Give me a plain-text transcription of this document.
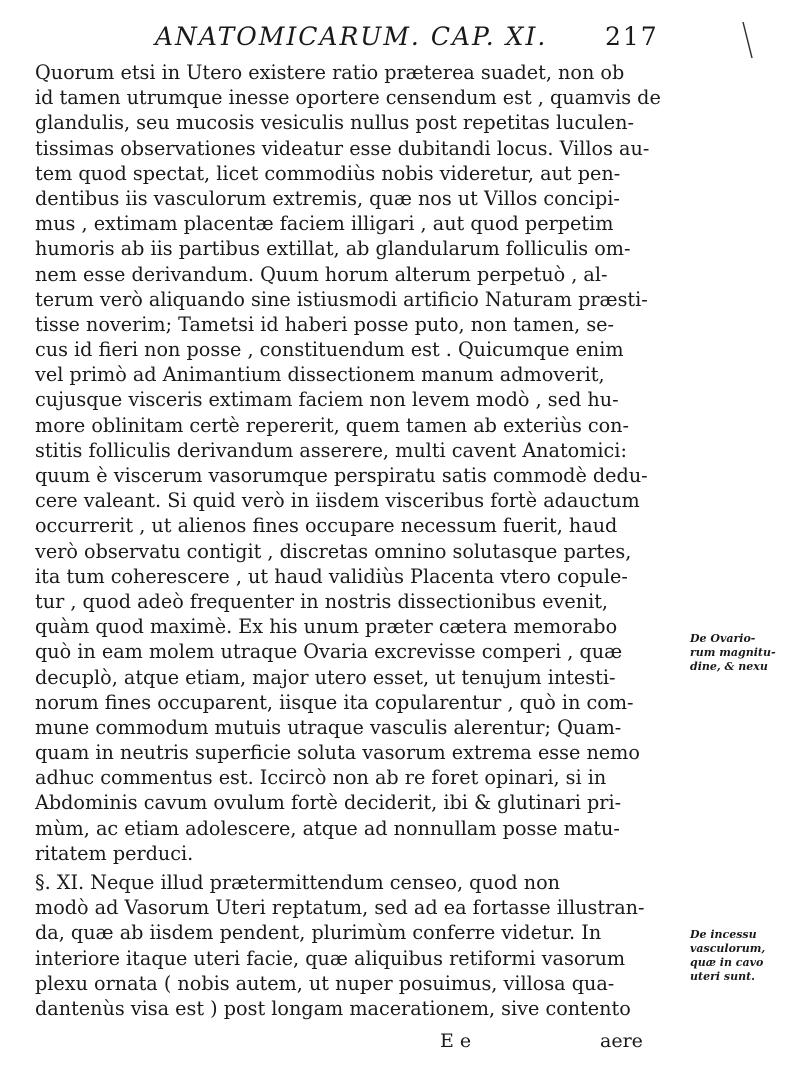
ANATOMICARUM. CAP. XI. 217
Quorum etsi in Utero existere ratio præterea suadet, non ob
id tamen utrumque inesse oportere censendum est , quamvis de
glandulis, seu mucosis vesiculis nullus post repetitas luculen-
tissimas observationes videatur esse dubitandi locus. Villos au-
tem quod spectat, licet commodiùs nobis videretur, aut pen-
dentibus iis vasculorum extremis, quæ nos ut Villos concipi-
mus , extimam placentæ faciem illigari , aut quod perpetim
humoris ab iis partibus extillat, ab glandularum folliculis om-
nem esse derivandum. Quum horum alterum perpetuò , al-
terum verò aliquando sine istiusmodi artificio Naturam præsti-
tisse noverim; Tametsi id haberi posse puto, non tamen, se-
cus id fieri non posse , constituendum est . Quicumque enim
vel primò ad Animantium dissectionem manum admoverit,
cujusque visceris extimam faciem non levem modò , sed hu-
more oblinitam certè repererit, quem tamen ab exteriùs con-
stitis folliculis derivandum asserere, multi cavent Anatomici:
quum è viscerum vasorumque perspiratu satis commodè dedu-
cere valeant. Si quid verò in iisdem visceribus fortè adauctum
occurrerit , ut alienos fines occupare necessum fuerit, haud
verò observatu contigit , discretas omnino solutasque partes,
ita tum coherescere , ut haud validiùs Placenta vtero copule-
tur , quod adeò frequenter in nostris dissectionibus evenit,
quàm quod maximè. Ex his unum præter cætera memorabo
quò in eam molem utraque Ovaria excrevisse comperi , quæ
decuplò, atque etiam, major utero esset, ut tenujum intesti-
norum fines occuparent, iisque ita copularentur , quò in com-
mune commodum mutuis utraque vasculis alerentur; Quam-
quam in neutris superficie soluta vasorum extrema esse nemo
adhuc commentus est. Iccircò non ab re foret opinari, si in
Abdominis cavum ovulum fortè deciderit, ibi & glutinari pri-
mùm, ac etiam adolescere, atque ad nonnullam posse matu-
ritatem perduci.
§. XI. Neque illud prætermittendum censeo, quod non
modò ad Vasorum Uteri reptatum, sed ad ea fortasse illustran-
da, quæ ab iisdem pendent, plurimùm conferre videtur. In
interiore itaque uteri facie, quæ aliquibus retiformi vasorum
plexu ornata ( nobis autem, ut nuper posuimus, villosa qua-
dantenùs visa est ) post longam macerationem, sive contento
De Ovario-
rum magnitu-
dine, & nexu
De incessu
vasculorum,
quæ in cavo
uteri sunt.
E e	aere
